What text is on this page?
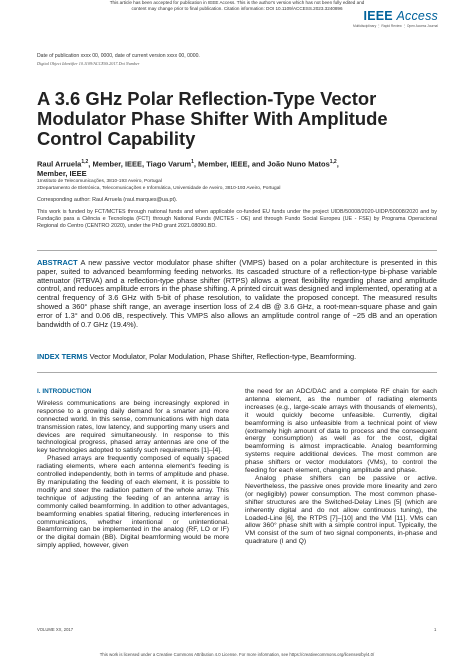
This article has been accepted for publication in IEEE Access. This is the author's version which has not been fully edited and
content may change prior to final publication. Citation information: DOI 10.1109/ACCESS.2023.3240896
IEEE Access
Multidisciplinary ⋮ Rapid Review ⋮ Open Access Journal
Date of publication xxxx 00, 0000, date of current version xxxx 00, 0000.
Digital Object Identifier 10.1109/ACCESS.2017.Doi Number
A 3.6 GHz Polar Reflection-Type Vector Modulator Phase Shifter With Amplitude Control Capability
Raul Arruela$^{1,2}$, Member, IEEE, Tiago Varum$^1$, Member, IEEE, and João Nuno Matos$^{1,2}$,
Member, IEEE
1Instituto de Telecomunicações, 3810-193 Aveiro, Portugal
2Departamento de Eletrónica, Telecomunicações e Informática, Universidade de Aveiro, 3810-193 Aveiro, Portugal
Corresponding author: Raul Arruela (raul.marques@ua.pt).
This work is funded by FCT/MCTES through national funds and when applicable co-funded EU funds under the project UIDB/50008/2020-UIDP/50008/2020 and by Fundação para a Ciência e Tecnologia (FCT) through National Funds (MCTES - OE) and through Fundo Social Europeu (UE - FSE) by Programa Operacional Regional do Centro (CENTRO 2020), under the PhD grant 2021.08090.BD.
ABSTRACT A new passive vector modulator phase shifter (VMPS) based on a polar architecture is presented in this paper, suited to advanced beamforming feeding networks. Its cascaded structure of a reflection-type bi-phase variable attenuator (RTBVA) and a reflection-type phase shifter (RTPS) allows a great flexibility regarding phase and amplitude control, and reduces amplitude errors in the phase shifting. A printed circuit was designed and implemented, operating at a central frequency of 3.6 GHz with 5-bit of phase resolution, to validate the proposed concept. The measured results showed a 360° phase shift range, an average insertion loss of 2.4 dB @ 3.6 GHz, a root-mean-square phase and gain error of 1.3° and 0.06 dB, respectively. This VMPS also allows an amplitude control range of ~25 dB and an operation bandwidth of 0.7 GHz (19.4%).
INDEX TERMS Vector Modulator, Polar Modulation, Phase Shifter, Reflection-type, Beamforming.
I. INTRODUCTION

Wireless communications are being increasingly explored in response to a growing daily demand for a smarter and more connected world. In this sense, communications with high data transmission rates, low latency, and supporting many users and devices are required simultaneously. In response to this technological progress, phased array antennas are one of the key technologies adopted to satisfy such requirements [1]–[4].

Phased arrays are frequently composed of equally spaced radiating elements, where each antenna element's feeding is controlled independently, both in terms of amplitude and phase. By manipulating the feeding of each element, it is possible to modify and steer the radiation pattern of the whole array. This technique of adjusting the feeding of an antenna array is commonly called beamforming. In addition to other advantages, beamforming enables spatial filtering, reducing interferences in communications, whether intentional or unintentional. Beamforming can be implemented in the analog (RF, LO or IF) or the digital domain (BB). Digital beamforming would be more simply applied, however, given

the need for an ADC/DAC and a complete RF chain for each antenna element, as the number of radiating elements increases (e.g., large-scale arrays with thousands of elements), it would quickly become unfeasible. Currently, digital beamforming is also unfeasible from a technical point of view (extremely high amount of data to process and the consequent energy consumption) as well as for the cost, digital beamforming is almost impracticable. Analog beamforming systems require additional devices. The most common are phase shifters or vector modulators (VMs), to control the feeding for each element, changing amplitude and phase.

Analog phase shifters can be passive or active. Nevertheless, the passive ones provide more linearity and zero (or negligibly) power consumption. The most common phase-shifter structures are the Switched-Delay Lines [5] (which are inherently digital and do not allow continuous tuning), the Loaded-Line [6], the RTPS [7]–[10] and the VM [11]. VMs can allow 360° phase shift with a simple control input. Typically, the VM consist of the sum of two signal components, in-phase and quadrature (I and Q)

VOLUME XX, 2017	1
This work is licensed under a Creative Commons Attribution 4.0 License. For more information, see https://creativecommons.org/licenses/by/4.0/
